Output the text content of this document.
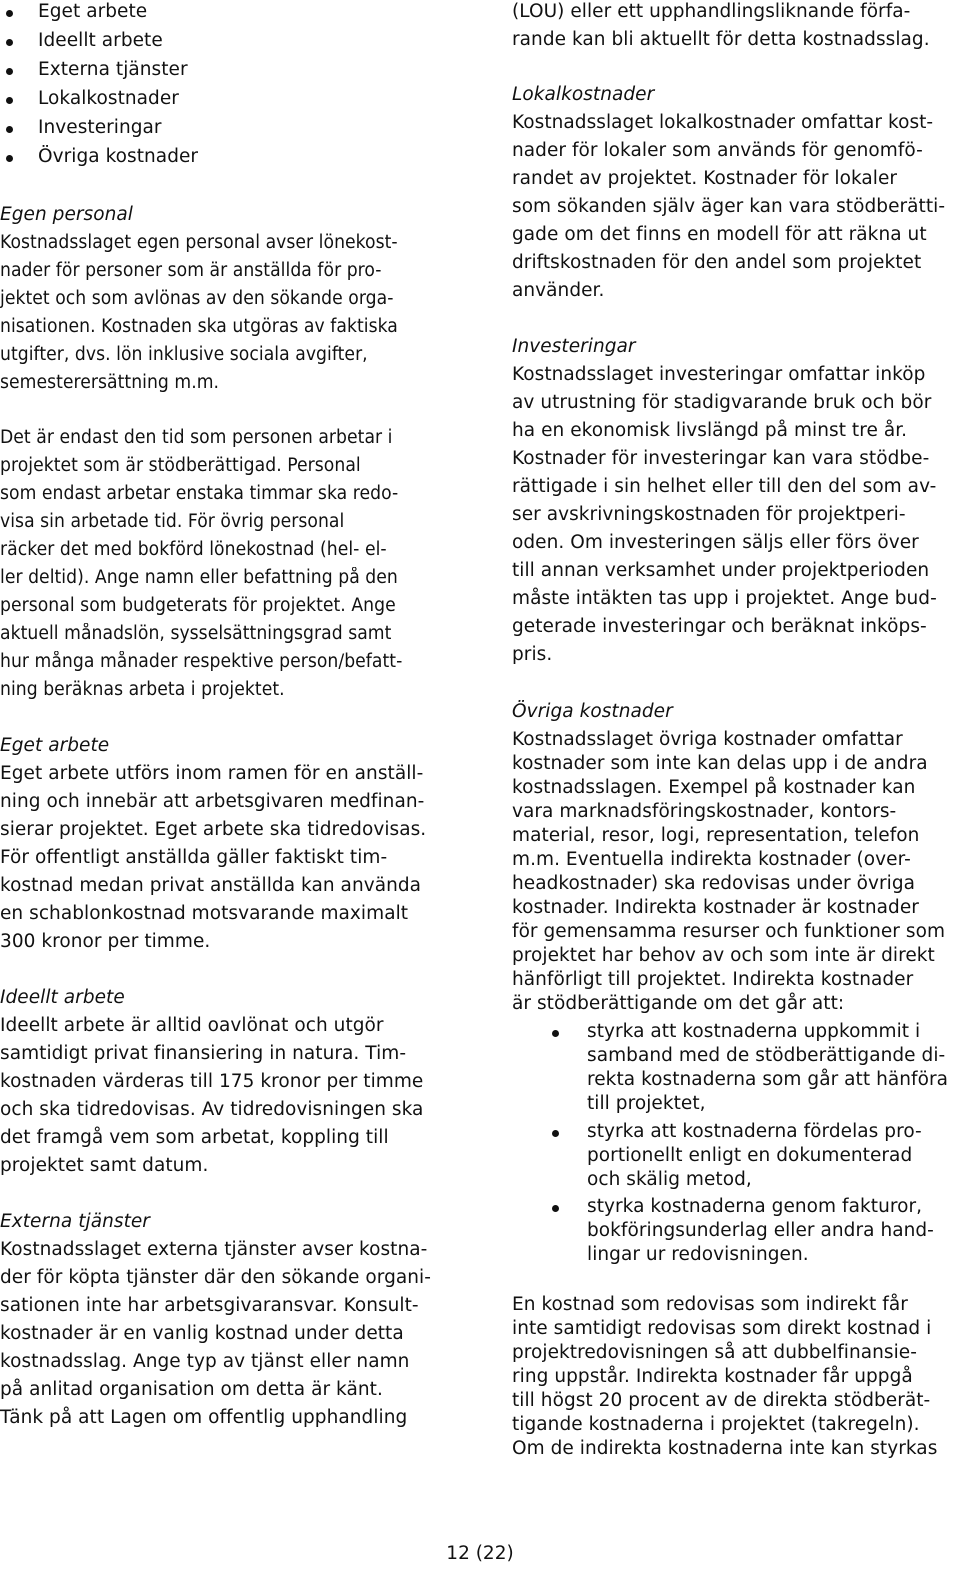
Eget arbete
Ideellt arbete
Externa tjänster
Lokalkostnader
Investeringar
Övriga kostnader
Egen personal
Kostnadsslaget egen personal avser lönekost-
nader för personer som är anställda för pro-
jektet och som avlönas av den sökande orga-
nisationen. Kostnaden ska utgöras av faktiska
utgifter, dvs. lön inklusive sociala avgifter,
semesterersättning m.m.
Det är endast den tid som personen arbetar i
projektet som är stödberättigad. Personal
som endast arbetar enstaka timmar ska redo-
visa sin arbetade tid. För övrig personal
räcker det med bokförd lönekostnad (hel- el-
ler deltid). Ange namn eller befattning på den
personal som budgeterats för projektet. Ange
aktuell månadslön, sysselsättningsgrad samt
hur många månader respektive person/befatt-
ning beräknas arbeta i projektet.
Eget arbete
Eget arbete utförs inom ramen för en anställ-
ning och innebär att arbetsgivaren medfinan-
sierar projektet. Eget arbete ska tidredovisas.
För offentligt anställda gäller faktiskt tim-
kostnad medan privat anställda kan använda
en schablonkostnad motsvarande maximalt
300 kronor per timme.
Ideellt arbete
Ideellt arbete är alltid oavlönat och utgör
samtidigt privat finansiering in natura. Tim-
kostnaden värderas till 175 kronor per timme
och ska tidredovisas. Av tidredovisningen ska
det framgå vem som arbetat, koppling till
projektet samt datum.
Externa tjänster
Kostnadsslaget externa tjänster avser kostna-
der för köpta tjänster där den sökande organi-
sationen inte har arbetsgivaransvar. Konsult-
kostnader är en vanlig kostnad under detta
kostnadsslag. Ange typ av tjänst eller namn
på anlitad organisation om detta är känt.
Tänk på att Lagen om offentlig upphandling
(LOU) eller ett upphandlingsliknande förfa-
rande kan bli aktuellt för detta kostnadsslag.
Lokalkostnader
Kostnadsslaget lokalkostnader omfattar kost-
nader för lokaler som används för genomfö-
randet av projektet. Kostnader för lokaler
som sökanden själv äger kan vara stödberätti-
gade om det finns en modell för att räkna ut
driftskostnaden för den andel som projektet
använder.
Investeringar
Kostnadsslaget investeringar omfattar inköp
av utrustning för stadigvarande bruk och bör
ha en ekonomisk livslängd på minst tre år.
Kostnader för investeringar kan vara stödbe-
rättigade i sin helhet eller till den del som av-
ser avskrivningskostnaden för projektperi-
oden. Om investeringen säljs eller förs över
till annan verksamhet under projektperioden
måste intäkten tas upp i projektet. Ange bud-
geterade investeringar och beräknat inköps-
pris.
Övriga kostnader
Kostnadsslaget övriga kostnader omfattar
kostnader som inte kan delas upp i de andra
kostnadsslagen. Exempel på kostnader kan
vara marknadsföringskostnader, kontors-
material, resor, logi, representation, telefon
m.m. Eventuella indirekta kostnader (over-
headkostnader) ska redovisas under övriga
kostnader. Indirekta kostnader är kostnader
för gemensamma resurser och funktioner som
projektet har behov av och som inte är direkt
hänförligt till projektet. Indirekta kostnader
är stödberättigande om det går att:
styrka att kostnaderna uppkommit i
samband med de stödberättigande di-
rekta kostnaderna som går att hänföra
till projektet,
styrka att kostnaderna fördelas pro-
portionellt enligt en dokumenterad
och skälig metod,
styrka kostnaderna genom fakturor,
bokföringsunderlag eller andra hand-
lingar ur redovisningen.
En kostnad som redovisas som indirekt får
inte samtidigt redovisas som direkt kostnad i
projektredovisningen så att dubbelfinansie-
ring uppstår. Indirekta kostnader får uppgå
till högst 20 procent av de direkta stödberät-
tigande kostnaderna i projektet (takregeln).
Om de indirekta kostnaderna inte kan styrkas
12 (22)
